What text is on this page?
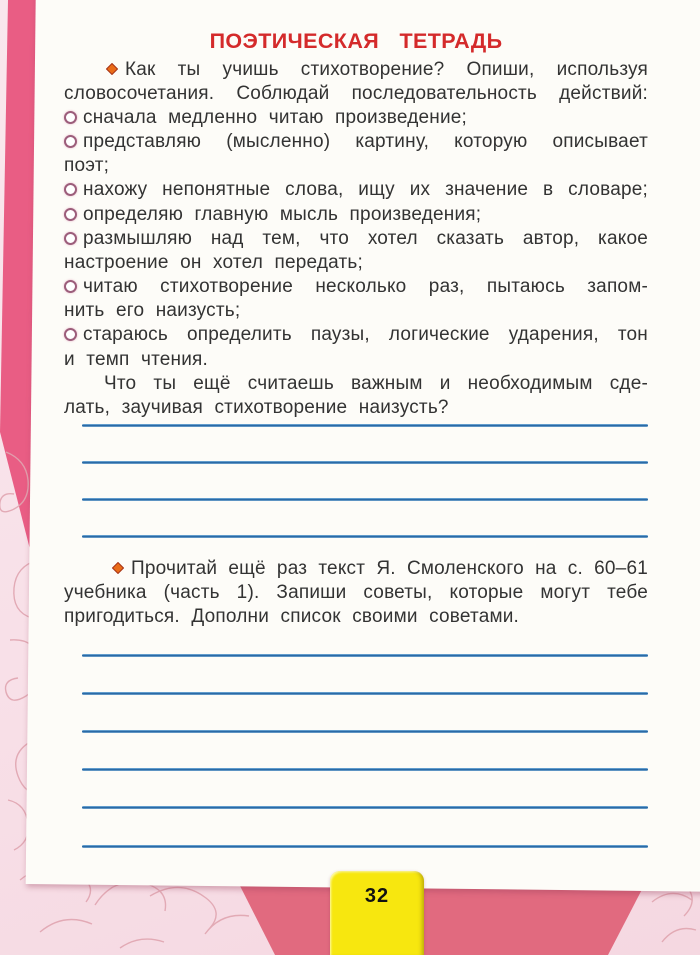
ПОЭТИЧЕСКАЯ ТЕТРАДЬ
Как ты учишь стихотворение? Опиши, используя
словосочетания. Соблюдай последовательность действий:
сначала медленно читаю произведение;
представляю (мысленно) картину, которую описывает
поэт;
нахожу непонятные слова, ищу их значение в словаре;
определяю главную мысль произведения;
размышляю над тем, что хотел сказать автор, какое
настроение он хотел передать;
читаю стихотворение несколько раз, пытаюсь запом-
нить его наизусть;
стараюсь определить паузы, логические ударения, тон
и темп чтения.
Что ты ещё считаешь важным и необходимым сде-
лать, заучивая стихотворение наизусть?
Прочитай ещё раз текст Я. Смоленского на с. 60–61
учебника (часть 1). Запиши советы, которые могут тебе
пригодиться. Дополни список своими советами.
32
